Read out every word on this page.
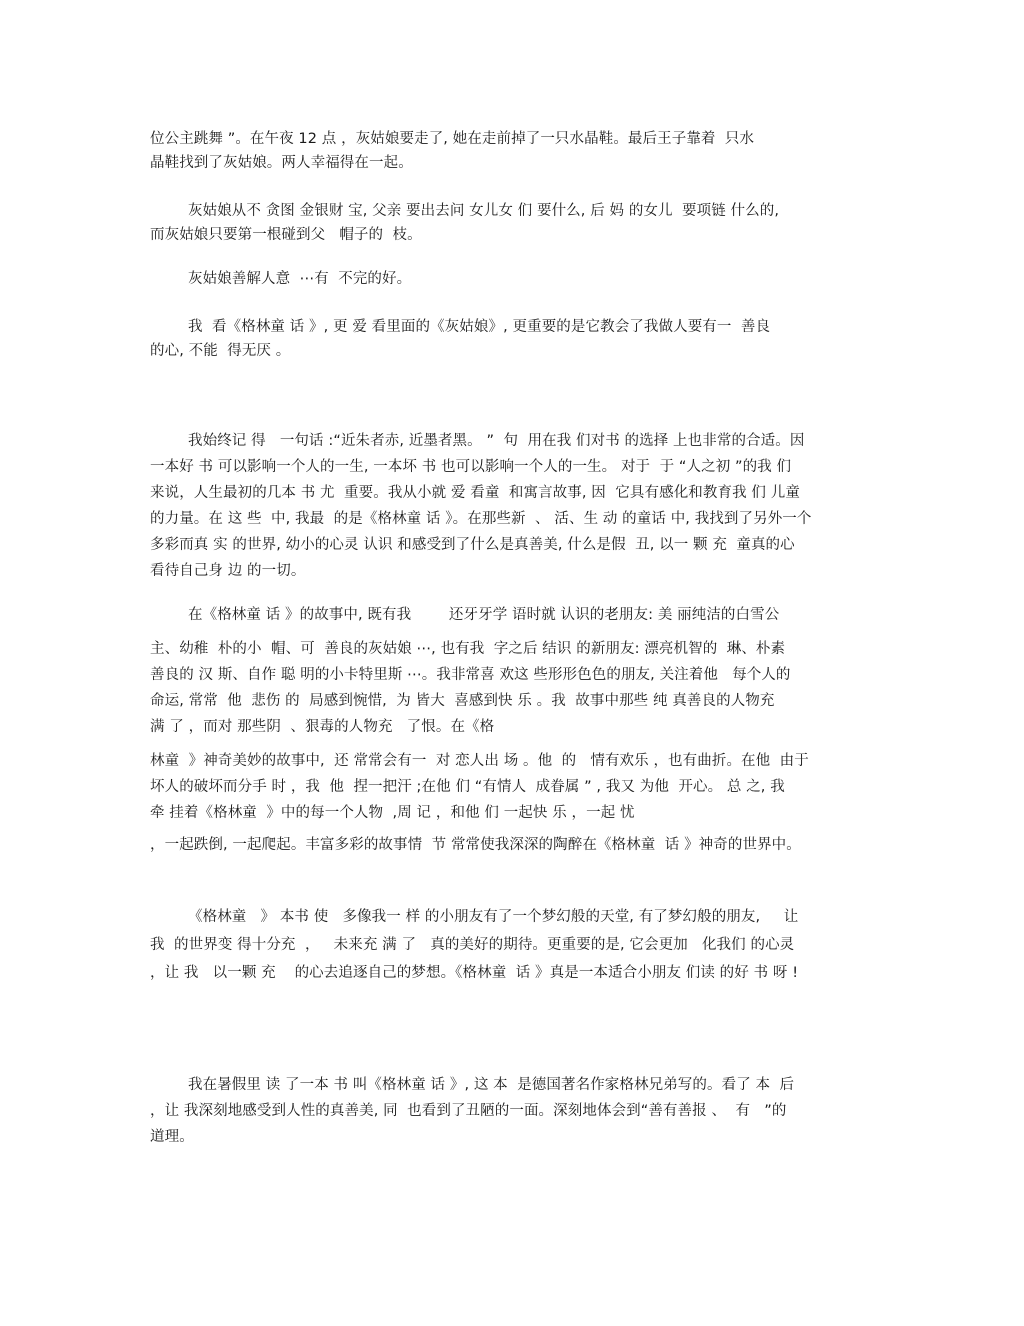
位公主跳舞 ”。在午夜 12 点 ，灰姑娘要走了, 她在走前掉了一只水晶鞋。最后王子靠着  只水
晶鞋找到了灰姑娘。两人幸福得在一起。
灰姑娘从不 贪图 金银财 宝, 父亲 要出去问 女儿女 们 要什么, 后 妈 的女儿  要项链 什么的,
而灰姑娘只要第一根碰到父   帽子的  枝。
灰姑娘善解人意  ⋯有  不完的好。
我  看《格林童 话 》, 更 爱 看里面的《灰姑娘》, 更重要的是它教会了我做人要有一  善良
的心, 不能  得无厌 。
我始终记 得   一句话 :“近朱者赤, 近墨者黑。 ”  句  用在我 们对书 的选择 上也非常的合适。因
一本好 书 可以影响一个人的一生, 一本坏 书 也可以影响一个人的一生。 对于  于 “人之初 ”的我 们
来说，人生最初的几本 书 尤  重要。我从小就 爱 看童  和寓言故事, 因  它具有感化和教育我 们 儿童
的力量。在 这 些  中, 我最  的是《格林童 话 》。在那些新  、 活、生 动 的童话 中, 我找到了另外一个
多彩而真 实 的世界, 幼小的心灵 认识 和感受到了什么是真善美, 什么是假  丑, 以一 颗 充  童真的心
看待自己身 边 的一切。
在《格林童 话 》的故事中, 既有我        还牙牙学 语时就 认识的老朋友: 美 丽纯洁的白雪公
主、幼稚  朴的小  帽、可  善良的灰姑娘 ⋯, 也有我  字之后 结识 的新朋友: 漂亮机智的  琳、朴素
善良的 汉 斯、自作 聪 明的小卡特里斯 ⋯。我非常喜 欢这 些形形色色的朋友, 关注着他   每个人的
命运, 常常  他  悲伤 的  局感到惋惜,  为 皆大  喜感到快 乐 。我  故事中那些 纯 真善良的人物充
满 了 ，而对 那些阴  、狠毒的人物充   了恨。在《格
林童  》神奇美妙的故事中,  还 常常会有一  对 恋人出 场 。他  的   情有欢乐 ，也有曲折。在他  由于
坏人的破坏而分手 时 ，我  他  捏一把汗 ;在他 们 “有情人  成眷属 ” , 我又 为他  开心。 总 之, 我
牵 挂着《格林童  》中的每一个人物  ,周 记 ，和他 们 一起快 乐 ，一起 忧
，一起跌倒, 一起爬起。丰富多彩的故事情  节 常常使我深深的陶醉在《格林童  话 》神奇的世界中。
《格林童   》 本书 使   多像我一 样 的小朋友有了一个梦幻般的天堂, 有了梦幻般的朋友,     让
我  的世界变 得十分充  ，   未来充 满 了   真的美好的期待。更重要的是, 它会更加   化我们 的心灵
，让 我   以一颗 充    的心去追逐自己的梦想。《格林童  话 》真是一本适合小朋友 们读 的好 书 呀 !
我在暑假里 读 了一本 书 叫《格林童 话 》, 这 本  是德国著名作家格林兄弟写的。看了 本  后
，让 我深刻地感受到人性的真善美, 同  也看到了丑陋的一面。深刻地体会到“善有善报 、  有   ”的
道理。
